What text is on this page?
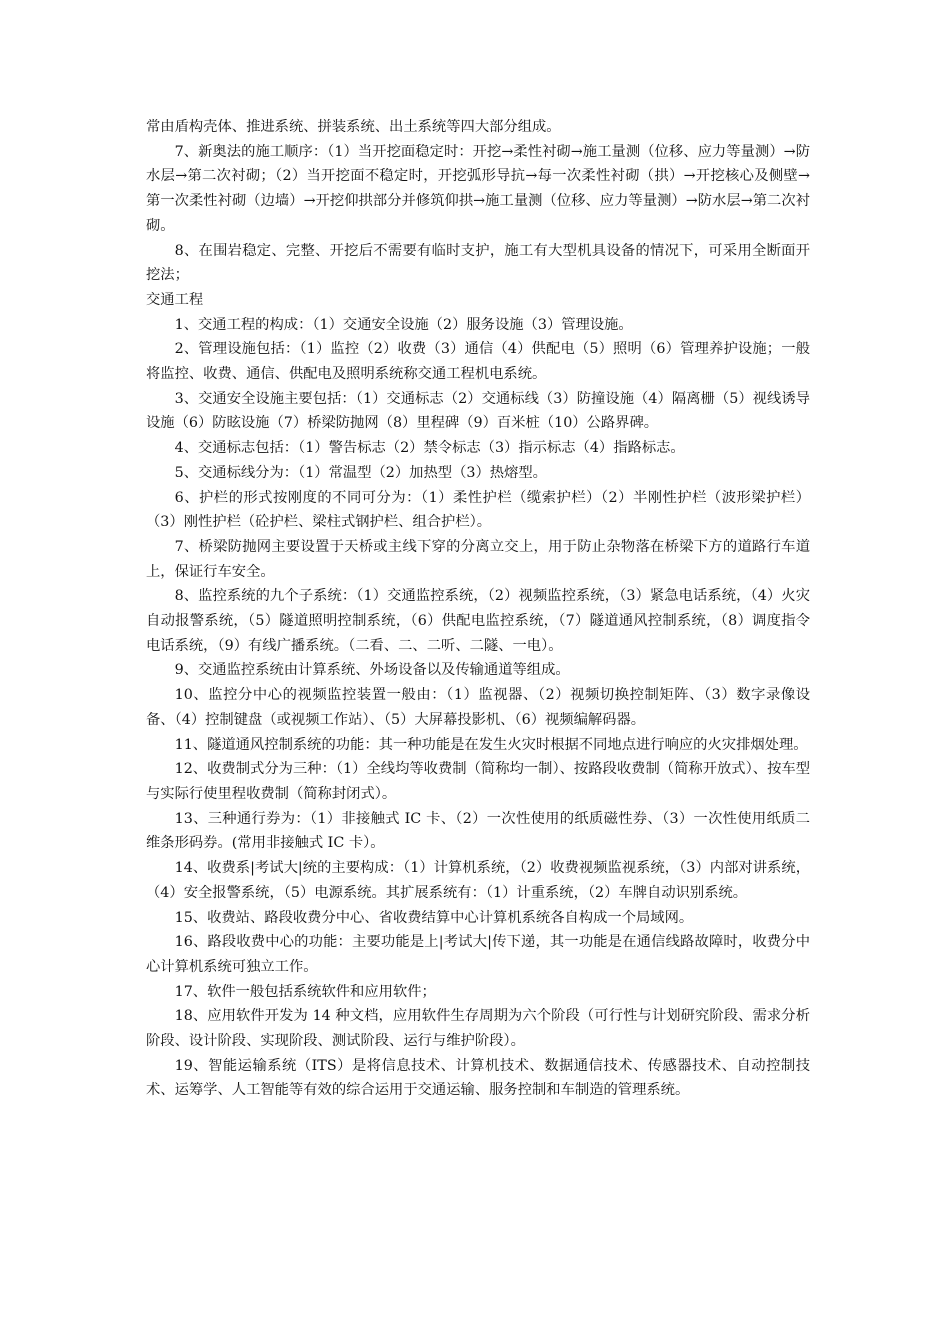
常由盾构壳体、推进系统、拼装系统、出土系统等四大部分组成。

7、新奥法的施工顺序：（1）当开挖面稳定时：开挖→柔性衬砌→施工量测（位移、应力等量测）→防水层→第二次衬砌；（2）当开挖面不稳定时，开挖弧形导抗→每一次柔性衬砌（拱）→开挖核心及侧壁→第一次柔性衬砌（边墙）→开挖仰拱部分并修筑仰拱→施工量测（位移、应力等量测）→防水层→第二次衬砌。

8、在围岩稳定、完整、开挖后不需要有临时支护，施工有大型机具设备的情况下，可采用全断面开挖法；

交通工程

1、交通工程的构成：（1）交通安全设施（2）服务设施（3）管理设施。

2、管理设施包括：（1）监控（2）收费（3）通信（4）供配电（5）照明（6）管理养护设施；一般将监控、收费、通信、供配电及照明系统称交通工程机电系统。

3、交通安全设施主要包括：（1）交通标志（2）交通标线（3）防撞设施（4）隔离栅（5）视线诱导设施（6）防眩设施（7）桥梁防抛网（8）里程碑（9）百米桩（10）公路界碑。

4、交通标志包括：（1）警告标志（2）禁令标志（3）指示标志（4）指路标志。

5、交通标线分为：（1）常温型（2）加热型（3）热熔型。

6、护栏的形式按刚度的不同可分为：（1）柔性护栏（缆索护栏）（2）半刚性护栏（波形梁护栏）（3）刚性护栏（砼护栏、梁柱式钢护栏、组合护栏）。

7、桥梁防抛网主要设置于天桥或主线下穿的分离立交上，用于防止杂物落在桥梁下方的道路行车道上，保证行车安全。

8、监控系统的九个子系统：（1）交通监控系统，（2）视频监控系统，（3）紧急电话系统，（4）火灾自动报警系统，（5）隧道照明控制系统，（6）供配电监控系统，（7）隧道通风控制系统，（8）调度指令电话系统，（9）有线广播系统。（二看、二、二听、二隧、一电）。

9、交通监控系统由计算系统、外场设备以及传输通道等组成。

10、监控分中心的视频监控装置一般由：（1）监视器、（2）视频切换控制矩阵、（3）数字录像设备、（4）控制键盘（或视频工作站）、（5）大屏幕投影机、（6）视频编解码器。

11、隧道通风控制系统的功能：其一种功能是在发生火灾时根据不同地点进行响应的火灾排烟处理。

12、收费制式分为三种：（1）全线均等收费制（简称均一制）、按路段收费制（简称开放式）、按车型与实际行使里程收费制（简称封闭式）。

13、三种通行券为：（1）非接触式 IC 卡、（2）一次性使用的纸质磁性券、（3）一次性使用纸质二维条形码券。(常用非接触式 IC 卡）。

14、收费系|考试大|统的主要构成：（1）计算机系统，（2）收费视频监视系统，（3）内部对讲系统，（4）安全报警系统，（5）电源系统。其扩展系统有：（1）计重系统，（2）车牌自动识别系统。

15、收费站、路段收费分中心、省收费结算中心计算机系统各自构成一个局域网。

16、路段收费中心的功能：主要功能是上|考试大|传下递，其一功能是在通信线路故障时，收费分中心计算机系统可独立工作。

17、软件一般包括系统软件和应用软件；

18、应用软件开发为 14 种文档，应用软件生存周期为六个阶段（可行性与计划研究阶段、需求分析阶段、设计阶段、实现阶段、测试阶段、运行与维护阶段）。

19、智能运输系统（ITS）是将信息技术、计算机技术、数据通信技术、传感器技术、自动控制技术、运筹学、人工智能等有效的综合运用于交通运输、服务控制和车制造的管理系统。
